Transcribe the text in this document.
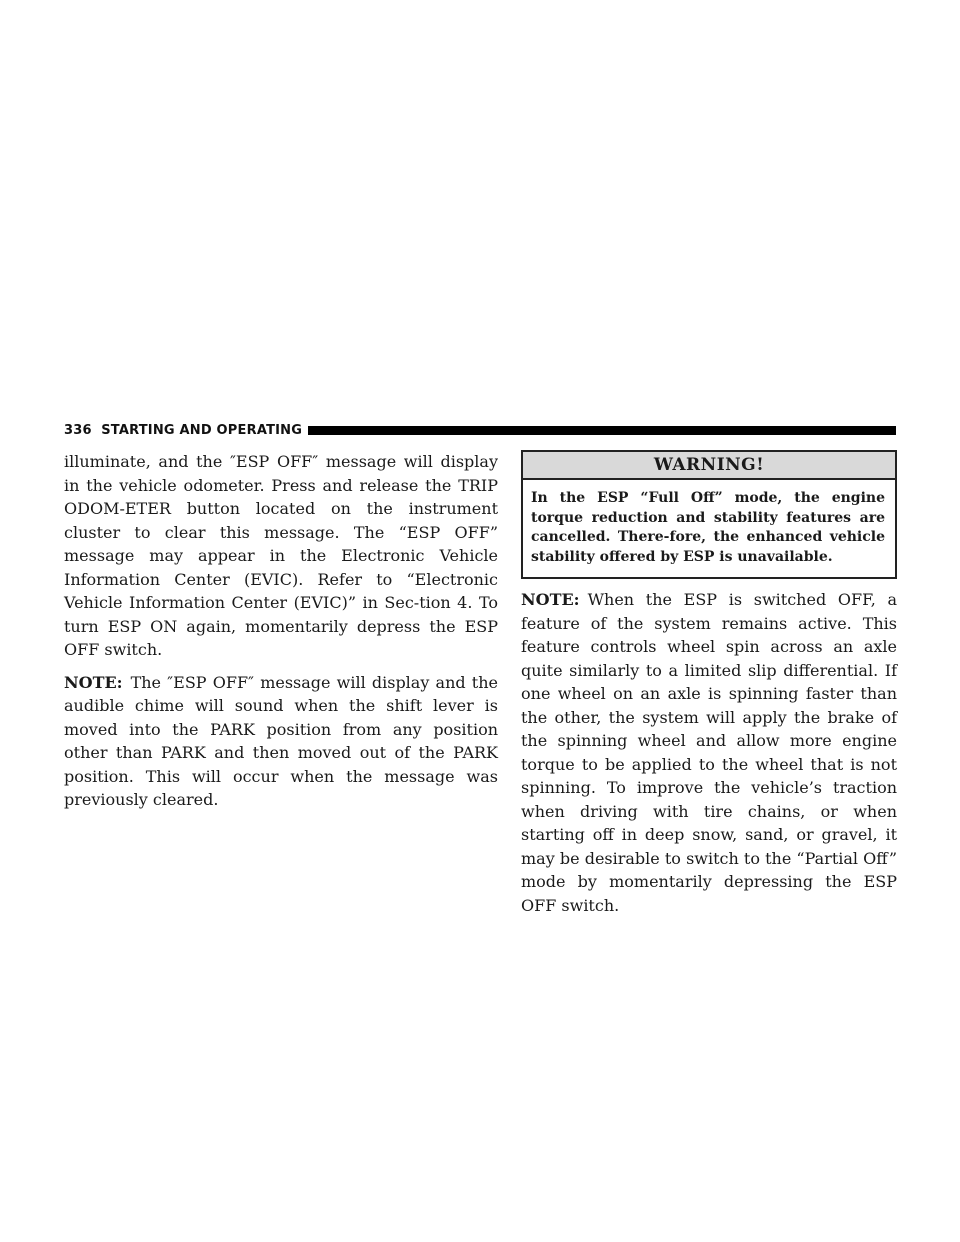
336 STARTING AND OPERATING

illuminate, and the ″ESP OFF″ message will display in the vehicle odometer. Press and release the TRIP ODOM-ETER button located on the instrument cluster to clear this message. The “ESP OFF” message may appear in the Electronic Vehicle Information Center (EVIC). Refer to “Electronic Vehicle Information Center (EVIC)” in Sec-tion 4. To turn ESP ON again, momentarily depress the ESP OFF switch.

NOTE: The ″ESP OFF″ message will display and the audible chime will sound when the shift lever is moved into the PARK position from any position other than PARK and then moved out of the PARK position. This will occur when the message was previously cleared.

WARNING!
In the ESP “Full Off” mode, the engine torque reduction and stability features are cancelled. There-fore, the enhanced vehicle stability offered by ESP is unavailable.

NOTE: When the ESP is switched OFF, a feature of the system remains active. This feature controls wheel spin across an axle quite similarly to a limited slip differential. If one wheel on an axle is spinning faster than the other, the system will apply the brake of the spinning wheel and allow more engine torque to be applied to the wheel that is not spinning. To improve the vehicle’s traction when driving with tire chains, or when starting off in deep snow, sand, or gravel, it may be desirable to switch to the “Partial Off” mode by momentarily depressing the ESP OFF switch.
